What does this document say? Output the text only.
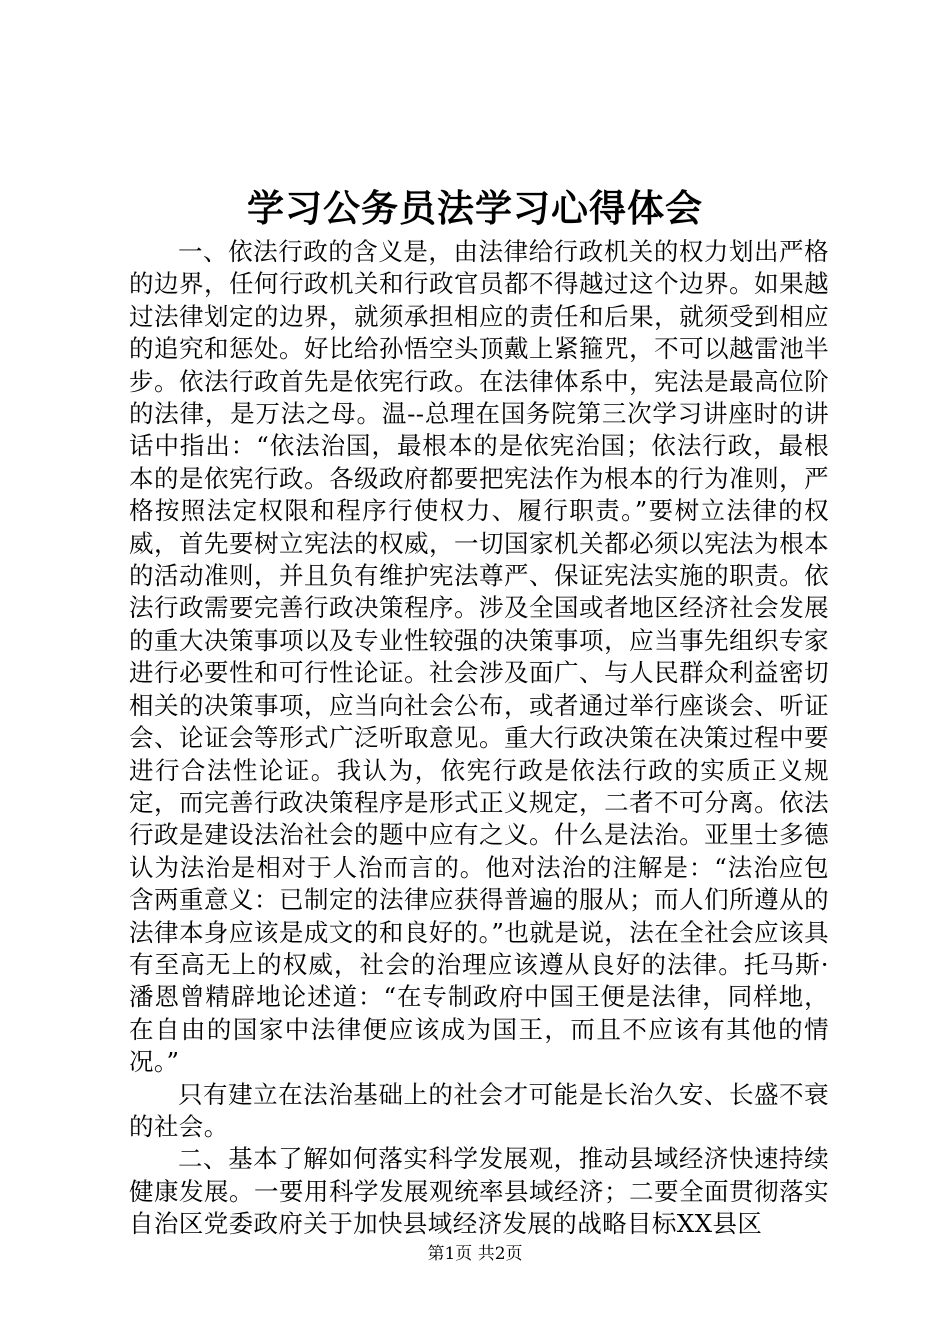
学习公务员法学习心得体会

一、依法行政的含义是，由法律给行政机关的权力划出严格的边界，任何行政机关和行政官员都不得越过这个边界。如果越过法律划定的边界，就须承担相应的责任和后果，就须受到相应的追究和惩处。好比给孙悟空头顶戴上紧箍咒，不可以越雷池半步。依法行政首先是依宪行政。在法律体系中，宪法是最高位阶的法律，是万法之母。温--总理在国务院第三次学习讲座时的讲话中指出：“依法治国，最根本的是依宪治国；依法行政，最根本的是依宪行政。各级政府都要把宪法作为根本的行为准则，严格按照法定权限和程序行使权力、履行职责。”要树立法律的权威，首先要树立宪法的权威，一切国家机关都必须以宪法为根本的活动准则，并且负有维护宪法尊严、保证宪法实施的职责。依法行政需要完善行政决策程序。涉及全国或者地区经济社会发展的重大决策事项以及专业性较强的决策事项，应当事先组织专家进行必要性和可行性论证。社会涉及面广、与人民群众利益密切相关的决策事项，应当向社会公布，或者通过举行座谈会、听证会、论证会等形式广泛听取意见。重大行政决策在决策过程中要进行合法性论证。我认为，依宪行政是依法行政的实质正义规定，而完善行政决策程序是形式正义规定，二者不可分离。依法行政是建设法治社会的题中应有之义。什么是法治。亚里士多德认为法治是相对于人治而言的。他对法治的注解是：“法治应包含两重意义：已制定的法律应获得普遍的服从；而人们所遵从的法律本身应该是成文的和良好的。”也就是说，法在全社会应该具有至高无上的权威，社会的治理应该遵从良好的法律。托马斯·潘恩曾精辟地论述道：“在专制政府中国王便是法律，同样地，在自由的国家中法律便应该成为国王，而且不应该有其他的情况。”

只有建立在法治基础上的社会才可能是长治久安、长盛不衰的社会。

二、基本了解如何落实科学发展观，推动县域经济快速持续健康发展。一要用科学发展观统率县域经济；二要全面贯彻落实自治区党委政府关于加快县域经济发展的战略目标XX县区

第1页 共2页
